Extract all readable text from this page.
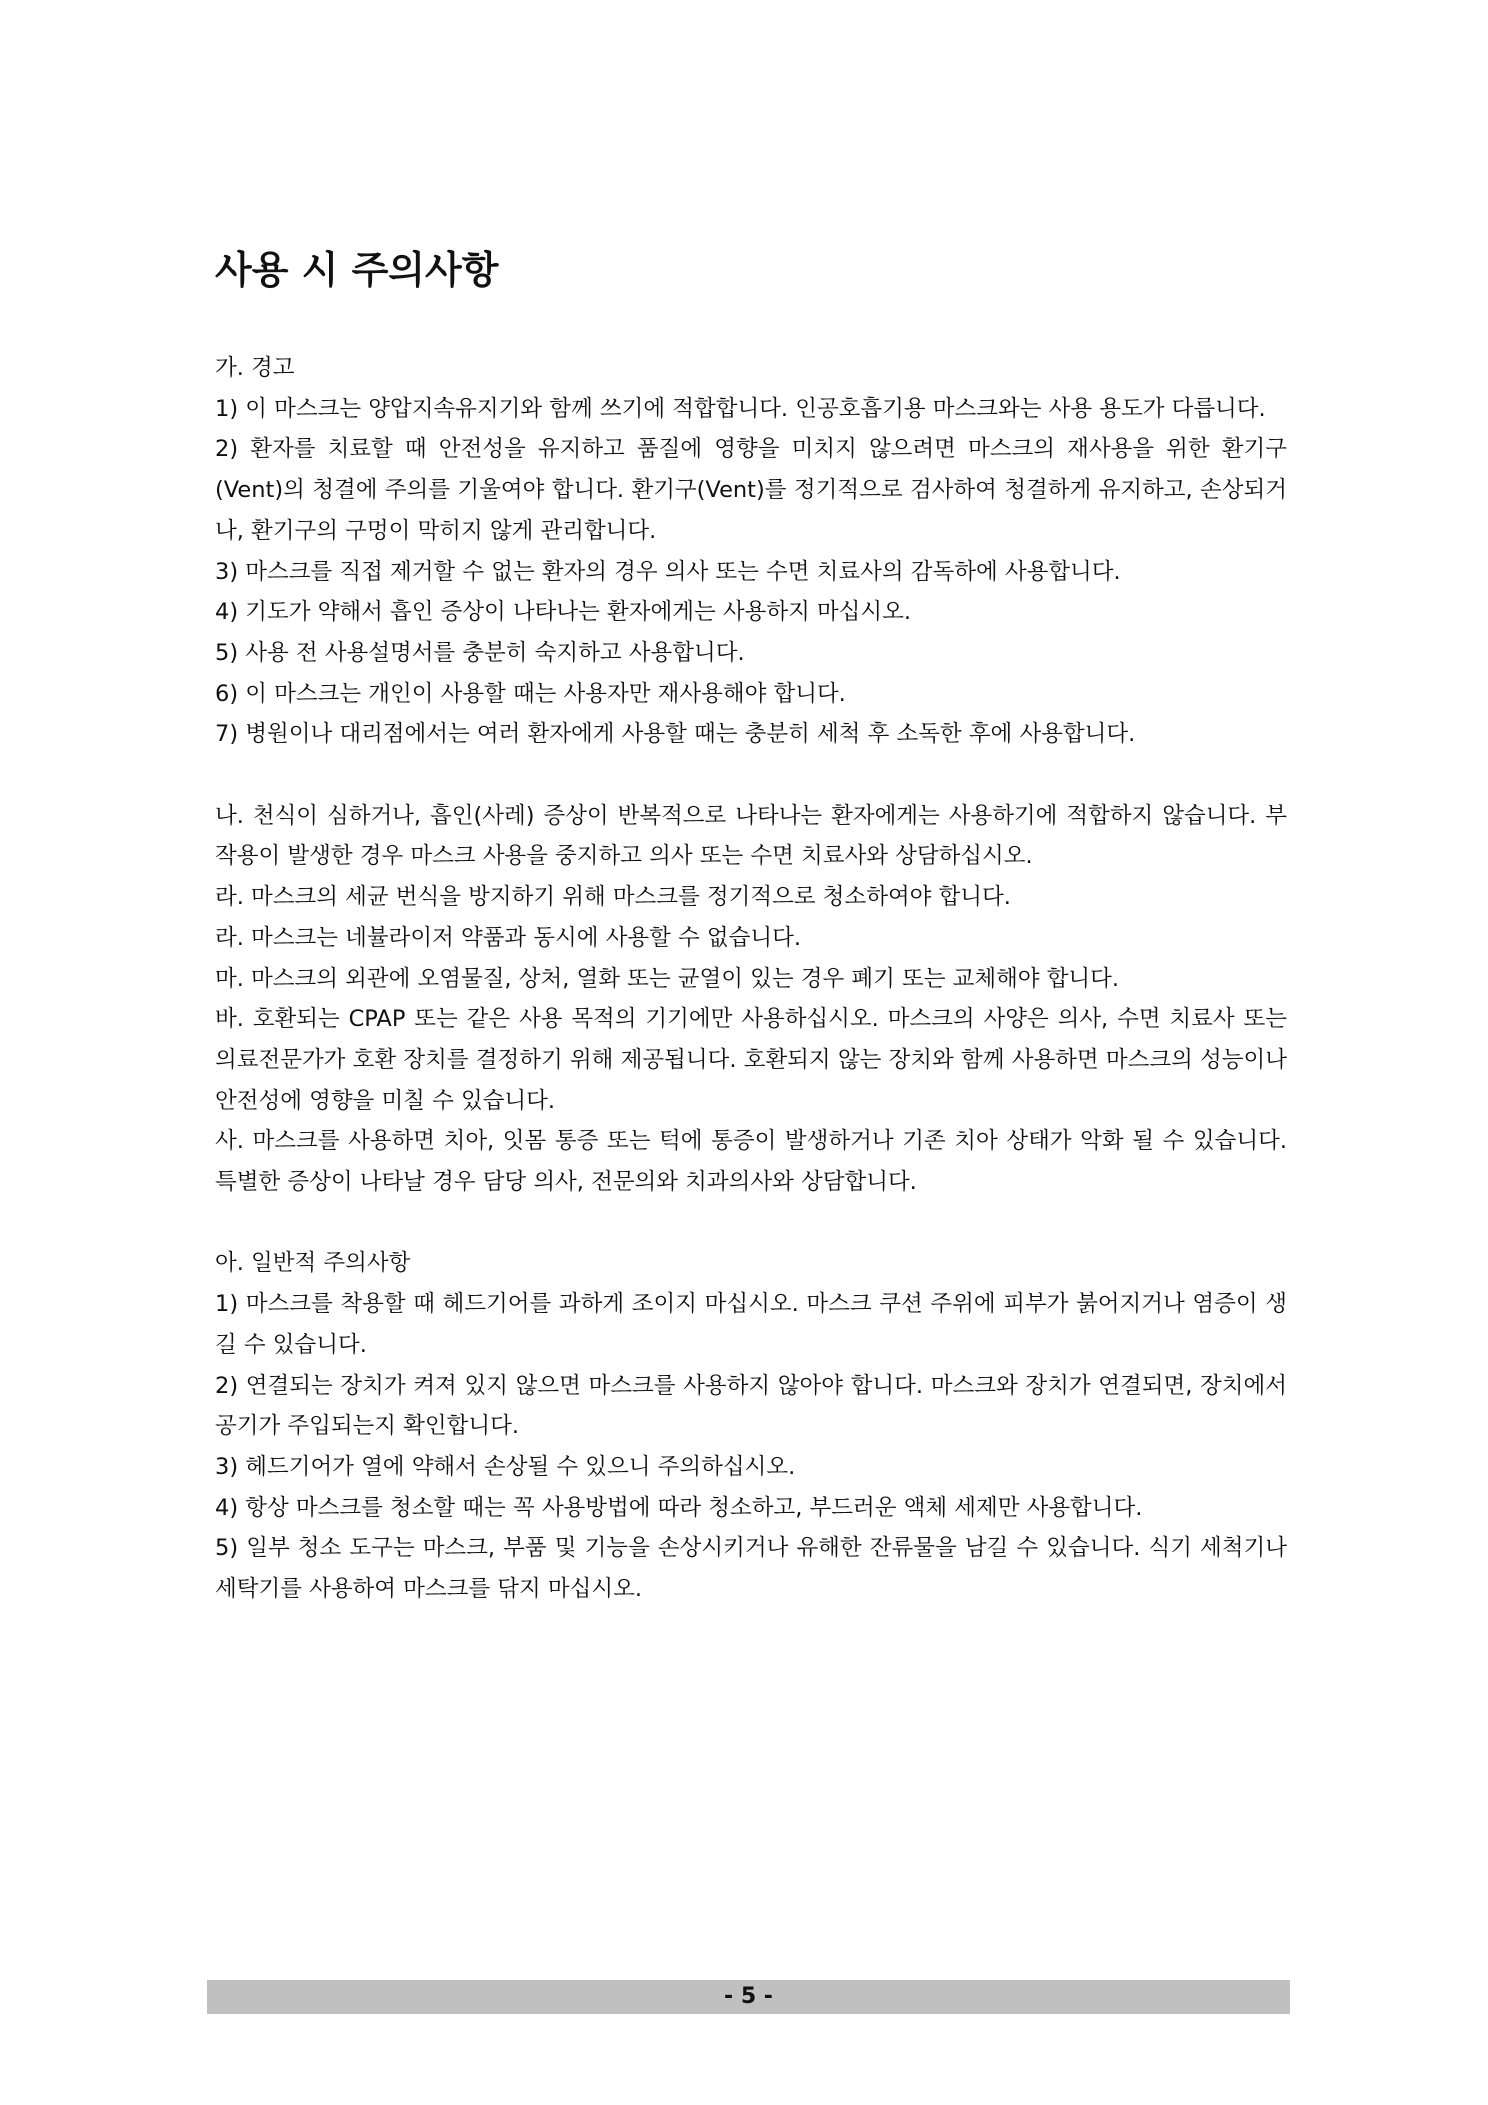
사용 시 주의사항
가. 경고
1) 이 마스크는 양압지속유지기와 함께 쓰기에 적합합니다. 인공호흡기용 마스크와는 사용 용도가 다릅니다.
2) 환자를 치료할 때 안전성을 유지하고 품질에 영향을 미치지 않으려면 마스크의 재사용을 위한 환기구(Vent)의 청결에 주의를 기울여야 합니다. 환기구(Vent)를 정기적으로 검사하여 청결하게 유지하고, 손상되거나, 환기구의 구멍이 막히지 않게 관리합니다.
3) 마스크를 직접 제거할 수 없는 환자의 경우 의사 또는 수면 치료사의 감독하에 사용합니다.
4) 기도가 약해서 흡인 증상이 나타나는 환자에게는 사용하지 마십시오.
5) 사용 전 사용설명서를 충분히 숙지하고 사용합니다.
6) 이 마스크는 개인이 사용할 때는 사용자만 재사용해야 합니다.
7) 병원이나 대리점에서는 여러 환자에게 사용할 때는 충분히 세척 후 소독한 후에 사용합니다.
나. 천식이 심하거나, 흡인(사레) 증상이 반복적으로 나타나는 환자에게는 사용하기에 적합하지 않습니다. 부작용이 발생한 경우 마스크 사용을 중지하고 의사 또는 수면 치료사와 상담하십시오.
라. 마스크의 세균 번식을 방지하기 위해 마스크를 정기적으로 청소하여야 합니다.
라. 마스크는 네뷸라이저 약품과 동시에 사용할 수 없습니다.
마. 마스크의 외관에 오염물질, 상처, 열화 또는 균열이 있는 경우 폐기 또는 교체해야 합니다.
바. 호환되는 CPAP 또는 같은 사용 목적의 기기에만 사용하십시오. 마스크의 사양은 의사, 수면 치료사 또는 의료전문가가 호환 장치를 결정하기 위해 제공됩니다. 호환되지 않는 장치와 함께 사용하면 마스크의 성능이나 안전성에 영향을 미칠 수 있습니다.
사. 마스크를 사용하면 치아, 잇몸 통증 또는 턱에 통증이 발생하거나 기존 치아 상태가 악화 될 수 있습니다. 특별한 증상이 나타날 경우 담당 의사, 전문의와 치과의사와 상담합니다.
아. 일반적 주의사항
1) 마스크를 착용할 때 헤드기어를 과하게 조이지 마십시오. 마스크 쿠션 주위에 피부가 붉어지거나 염증이 생길 수 있습니다.
2) 연결되는 장치가 켜져 있지 않으면 마스크를 사용하지 않아야 합니다. 마스크와 장치가 연결되면, 장치에서 공기가 주입되는지 확인합니다.
3) 헤드기어가 열에 약해서 손상될 수 있으니 주의하십시오.
4) 항상 마스크를 청소할 때는 꼭 사용방법에 따라 청소하고, 부드러운 액체 세제만 사용합니다.
5) 일부 청소 도구는 마스크, 부품 및 기능을 손상시키거나 유해한 잔류물을 남길 수 있습니다. 식기 세척기나 세탁기를 사용하여 마스크를 닦지 마십시오.
- 5 -
